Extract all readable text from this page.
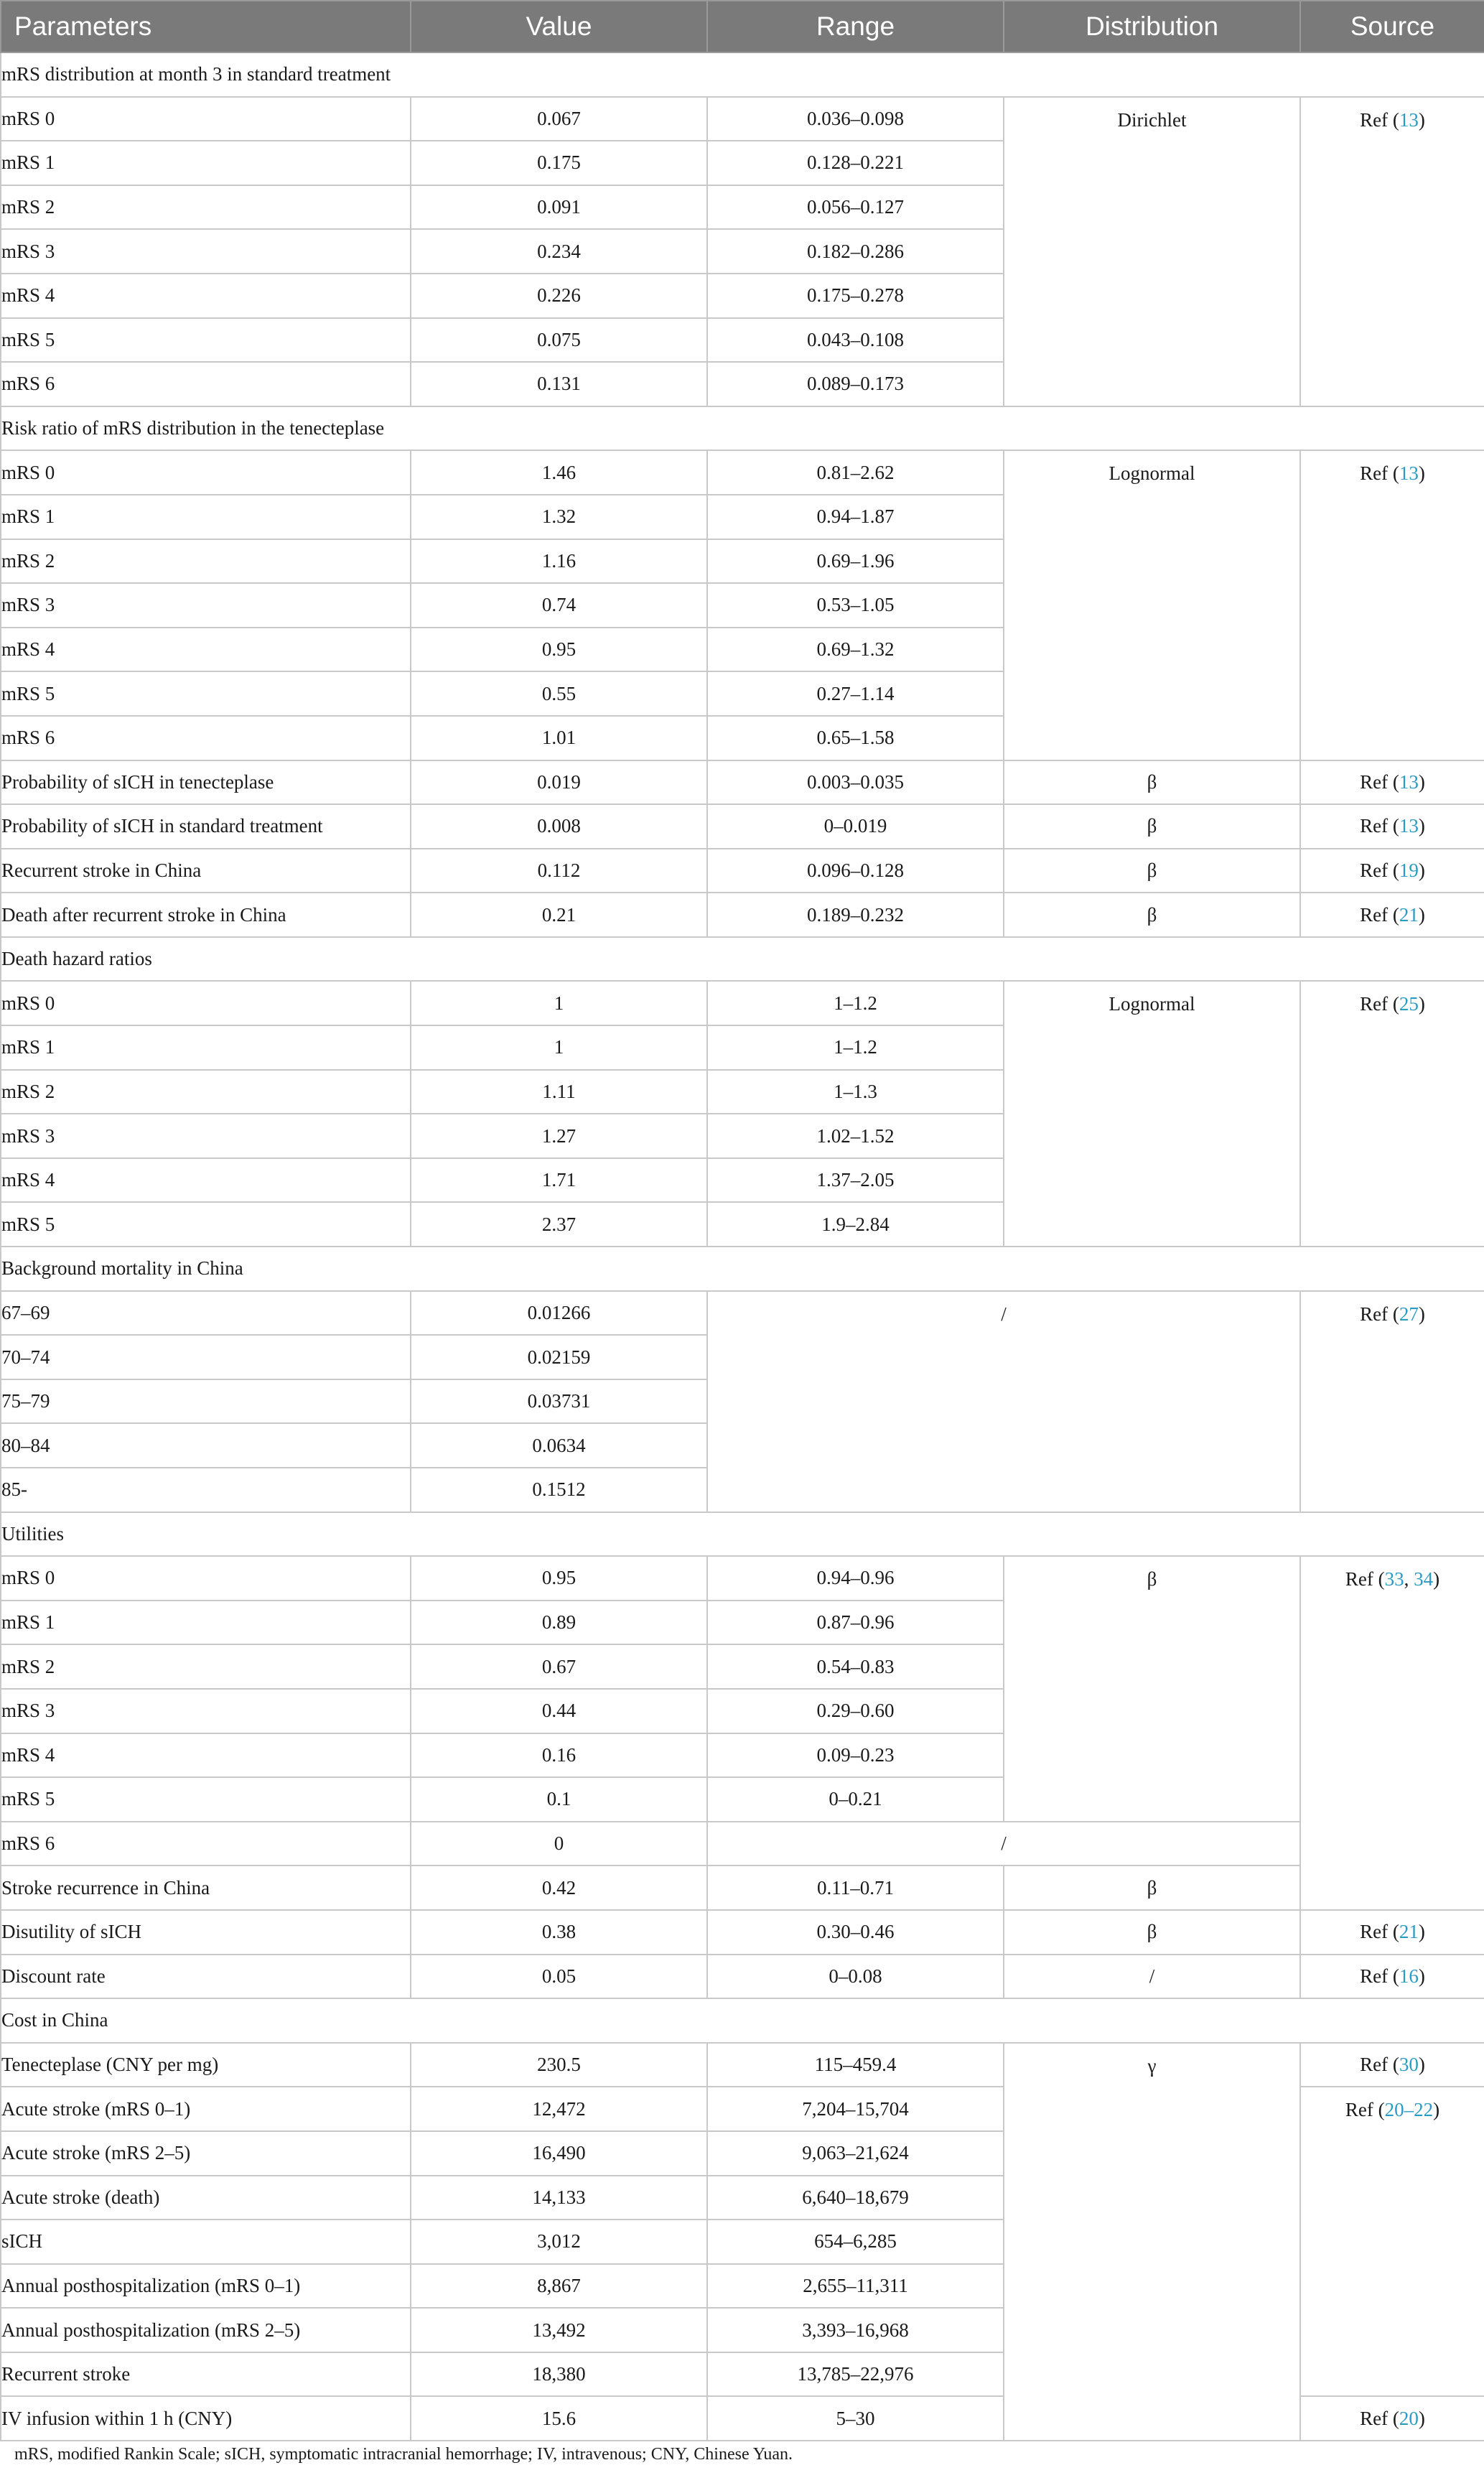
Parameters	Value	Range	Distribution	Source
mRS distribution at month 3 in standard treatment				
mRS 0	0.067	0.036–0.098	Dirichlet	Ref (13)
mRS 1	0.175	0.128–0.221		
mRS 2	0.091	0.056–0.127		
mRS 3	0.234	0.182–0.286		
mRS 4	0.226	0.175–0.278		
mRS 5	0.075	0.043–0.108		
mRS 6	0.131	0.089–0.173		
Risk ratio of mRS distribution in the tenecteplase				
mRS 0	1.46	0.81–2.62	Lognormal	Ref (13)
mRS 1	1.32	0.94–1.87		
mRS 2	1.16	0.69–1.96		
mRS 3	0.74	0.53–1.05		
mRS 4	0.95	0.69–1.32		
mRS 5	0.55	0.27–1.14		
mRS 6	1.01	0.65–1.58		
Probability of sICH in tenecteplase	0.019	0.003–0.035	β	Ref (13)
Probability of sICH in standard treatment	0.008	0–0.019	β	Ref (13)
Recurrent stroke in China	0.112	0.096–0.128	β	Ref (19)
Death after recurrent stroke in China	0.21	0.189–0.232	β	Ref (21)
Death hazard ratios				
mRS 0	1	1–1.2	Lognormal	Ref (25)
mRS 1	1	1–1.2		
mRS 2	1.11	1–1.3		
mRS 3	1.27	1.02–1.52		
mRS 4	1.71	1.37–2.05		
mRS 5	2.37	1.9–2.84		
Background mortality in China				
67–69	0.01266	/		Ref (27)
70–74	0.02159			
75–79	0.03731			
80–84	0.0634			
85-	0.1512			
Utilities				
mRS 0	0.95	0.94–0.96	β	Ref (33, 34)
mRS 1	0.89	0.87–0.96		
mRS 2	0.67	0.54–0.83		
mRS 3	0.44	0.29–0.60		
mRS 4	0.16	0.09–0.23		
mRS 5	0.1	0–0.21		
mRS 6	0	/		
Stroke recurrence in China	0.42	0.11–0.71	β	
Disutility of sICH	0.38	0.30–0.46	β	Ref (21)
Discount rate	0.05	0–0.08	/	Ref (16)
Cost in China				
Tenecteplase (CNY per mg)	230.5	115–459.4	γ	Ref (30)
Acute stroke (mRS 0–1)	12,472	7,204–15,704		Ref (20–22)
Acute stroke (mRS 2–5)	16,490	9,063–21,624		
Acute stroke (death)	14,133	6,640–18,679		
sICH	3,012	654–6,285		
Annual posthospitalization (mRS 0–1)	8,867	2,655–11,311		
Annual posthospitalization (mRS 2–5)	13,492	3,393–16,968		
Recurrent stroke	18,380	13,785–22,976		
IV infusion within 1 h (CNY)	15.6	5–30		Ref (20)
mRS, modified Rankin Scale; sICH, symptomatic intracranial hemorrhage; IV, intravenous; CNY, Chinese Yuan.
